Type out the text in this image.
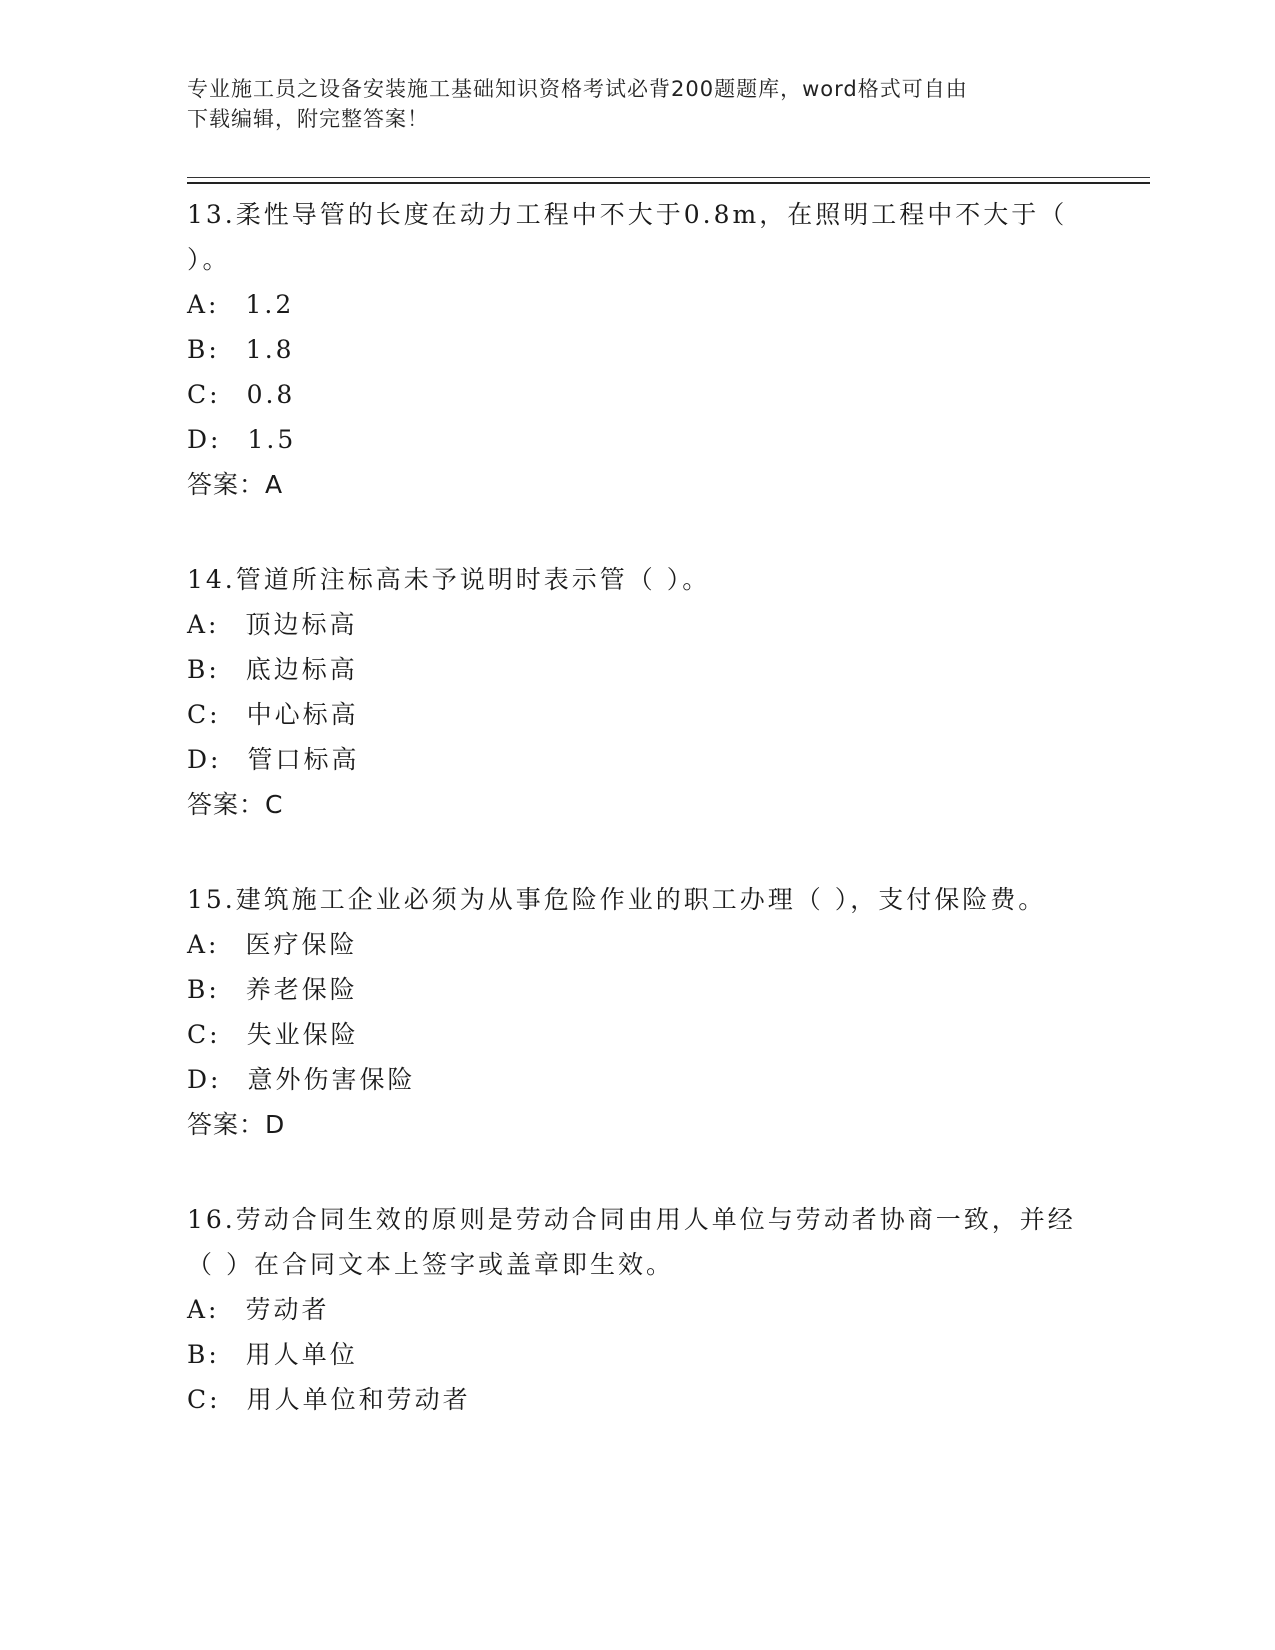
专业施工员之设备安装施工基础知识资格考试必背200题题库，word格式可自由
下载编辑，附完整答案！

13.柔性导管的长度在动力工程中不大于0.8m，在照明工程中不大于（ ）。

A: 1.2
B: 1.8
C: 0.8
D: 1.5
答案：A

14.管道所注标高未予说明时表示管（ ）。

A: 顶边标高
B: 底边标高
C: 中心标高
D: 管口标高
答案：C

15.建筑施工企业必须为从事危险作业的职工办理（ ），支付保险费。

A: 医疗保险
B: 养老保险
C: 失业保险
D: 意外伤害保险
答案：D

16.劳动合同生效的原则是劳动合同由用人单位与劳动者协商一致，并经（ ）在合同文本上签字或盖章即生效。

A: 劳动者
B: 用人单位
C: 用人单位和劳动者
